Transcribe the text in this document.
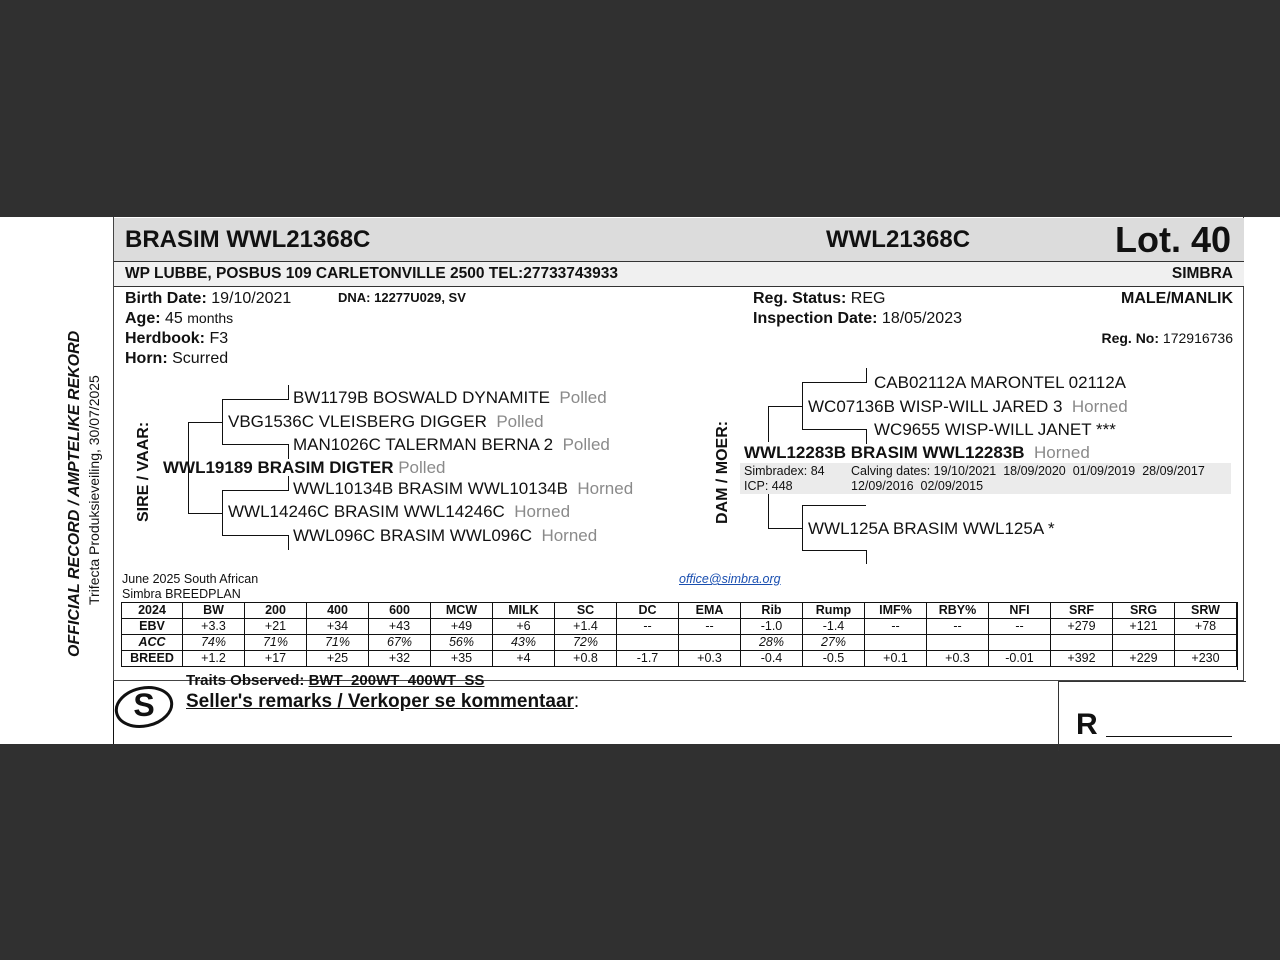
OFFICIAL RECORD / AMPTELIKE REKORD Trifecta Produksieveiling, 30/07/2025
BRASIM WWL21368C	WWL21368C	Lot. 40
WP LUBBE, POSBUS 109 CARLETONVILLE 2500 TEL:27733743933	SIMBRA
Birth Date: 19/10/2021	DNA: 12277U029, SV
Age: 45 months
Herdbook: F3
Horn: Scurred
Reg. Status: REG
Inspection Date: 18/05/2023
MALE/MANLIK
Reg. No: 172916736
SIRE / VAAR:
BW1179B BOSWALD DYNAMITE Polled
VBG1536C VLEISBERG DIGGER Polled
MAN1026C TALERMAN BERNA 2 Polled
WWL19189 BRASIM DIGTER Polled
WWL10134B BRASIM WWL10134B Horned
WWL14246C BRASIM WWL14246C Horned
WWL096C BRASIM WWL096C Horned
DAM / MOER:
CAB02112A MARONTEL 02112A
WC07136B WISP-WILL JARED 3 Horned
WC9655 WISP-WILL JANET ***
WWL12283B BRASIM WWL12283B Horned
Simbradex: 84
ICP: 448
Calving dates: 19/10/2021  18/09/2020  01/09/2019  28/09/2017
12/09/2016  02/09/2015
WWL125A BRASIM WWL125A *
June 2025 South African
Simbra BREEDPLAN
office@simbra.org
2024	BW	200	400	600	MCW	MILK	SC	DC	EMA	Rib	Rump	IMF%	RBY%	NFI	SRF	SRG	SRW
EBV	+3.3	+21	+34	+43	+49	+6	+1.4	--	--	-1.0	-1.4	--	--	--	+279	+121	+78
ACC	74%	71%	71%	67%	56%	43%	72%			28%	27%						
BREED	+1.2	+17	+25	+32	+35	+4	+0.8	-1.7	+0.3	-0.4	-0.5	+0.1	+0.3	-0.01	+392	+229	+230
S
Traits Observed: BWT  200WT  400WT  SS
Seller's remarks / Verkoper se kommentaar:
R
